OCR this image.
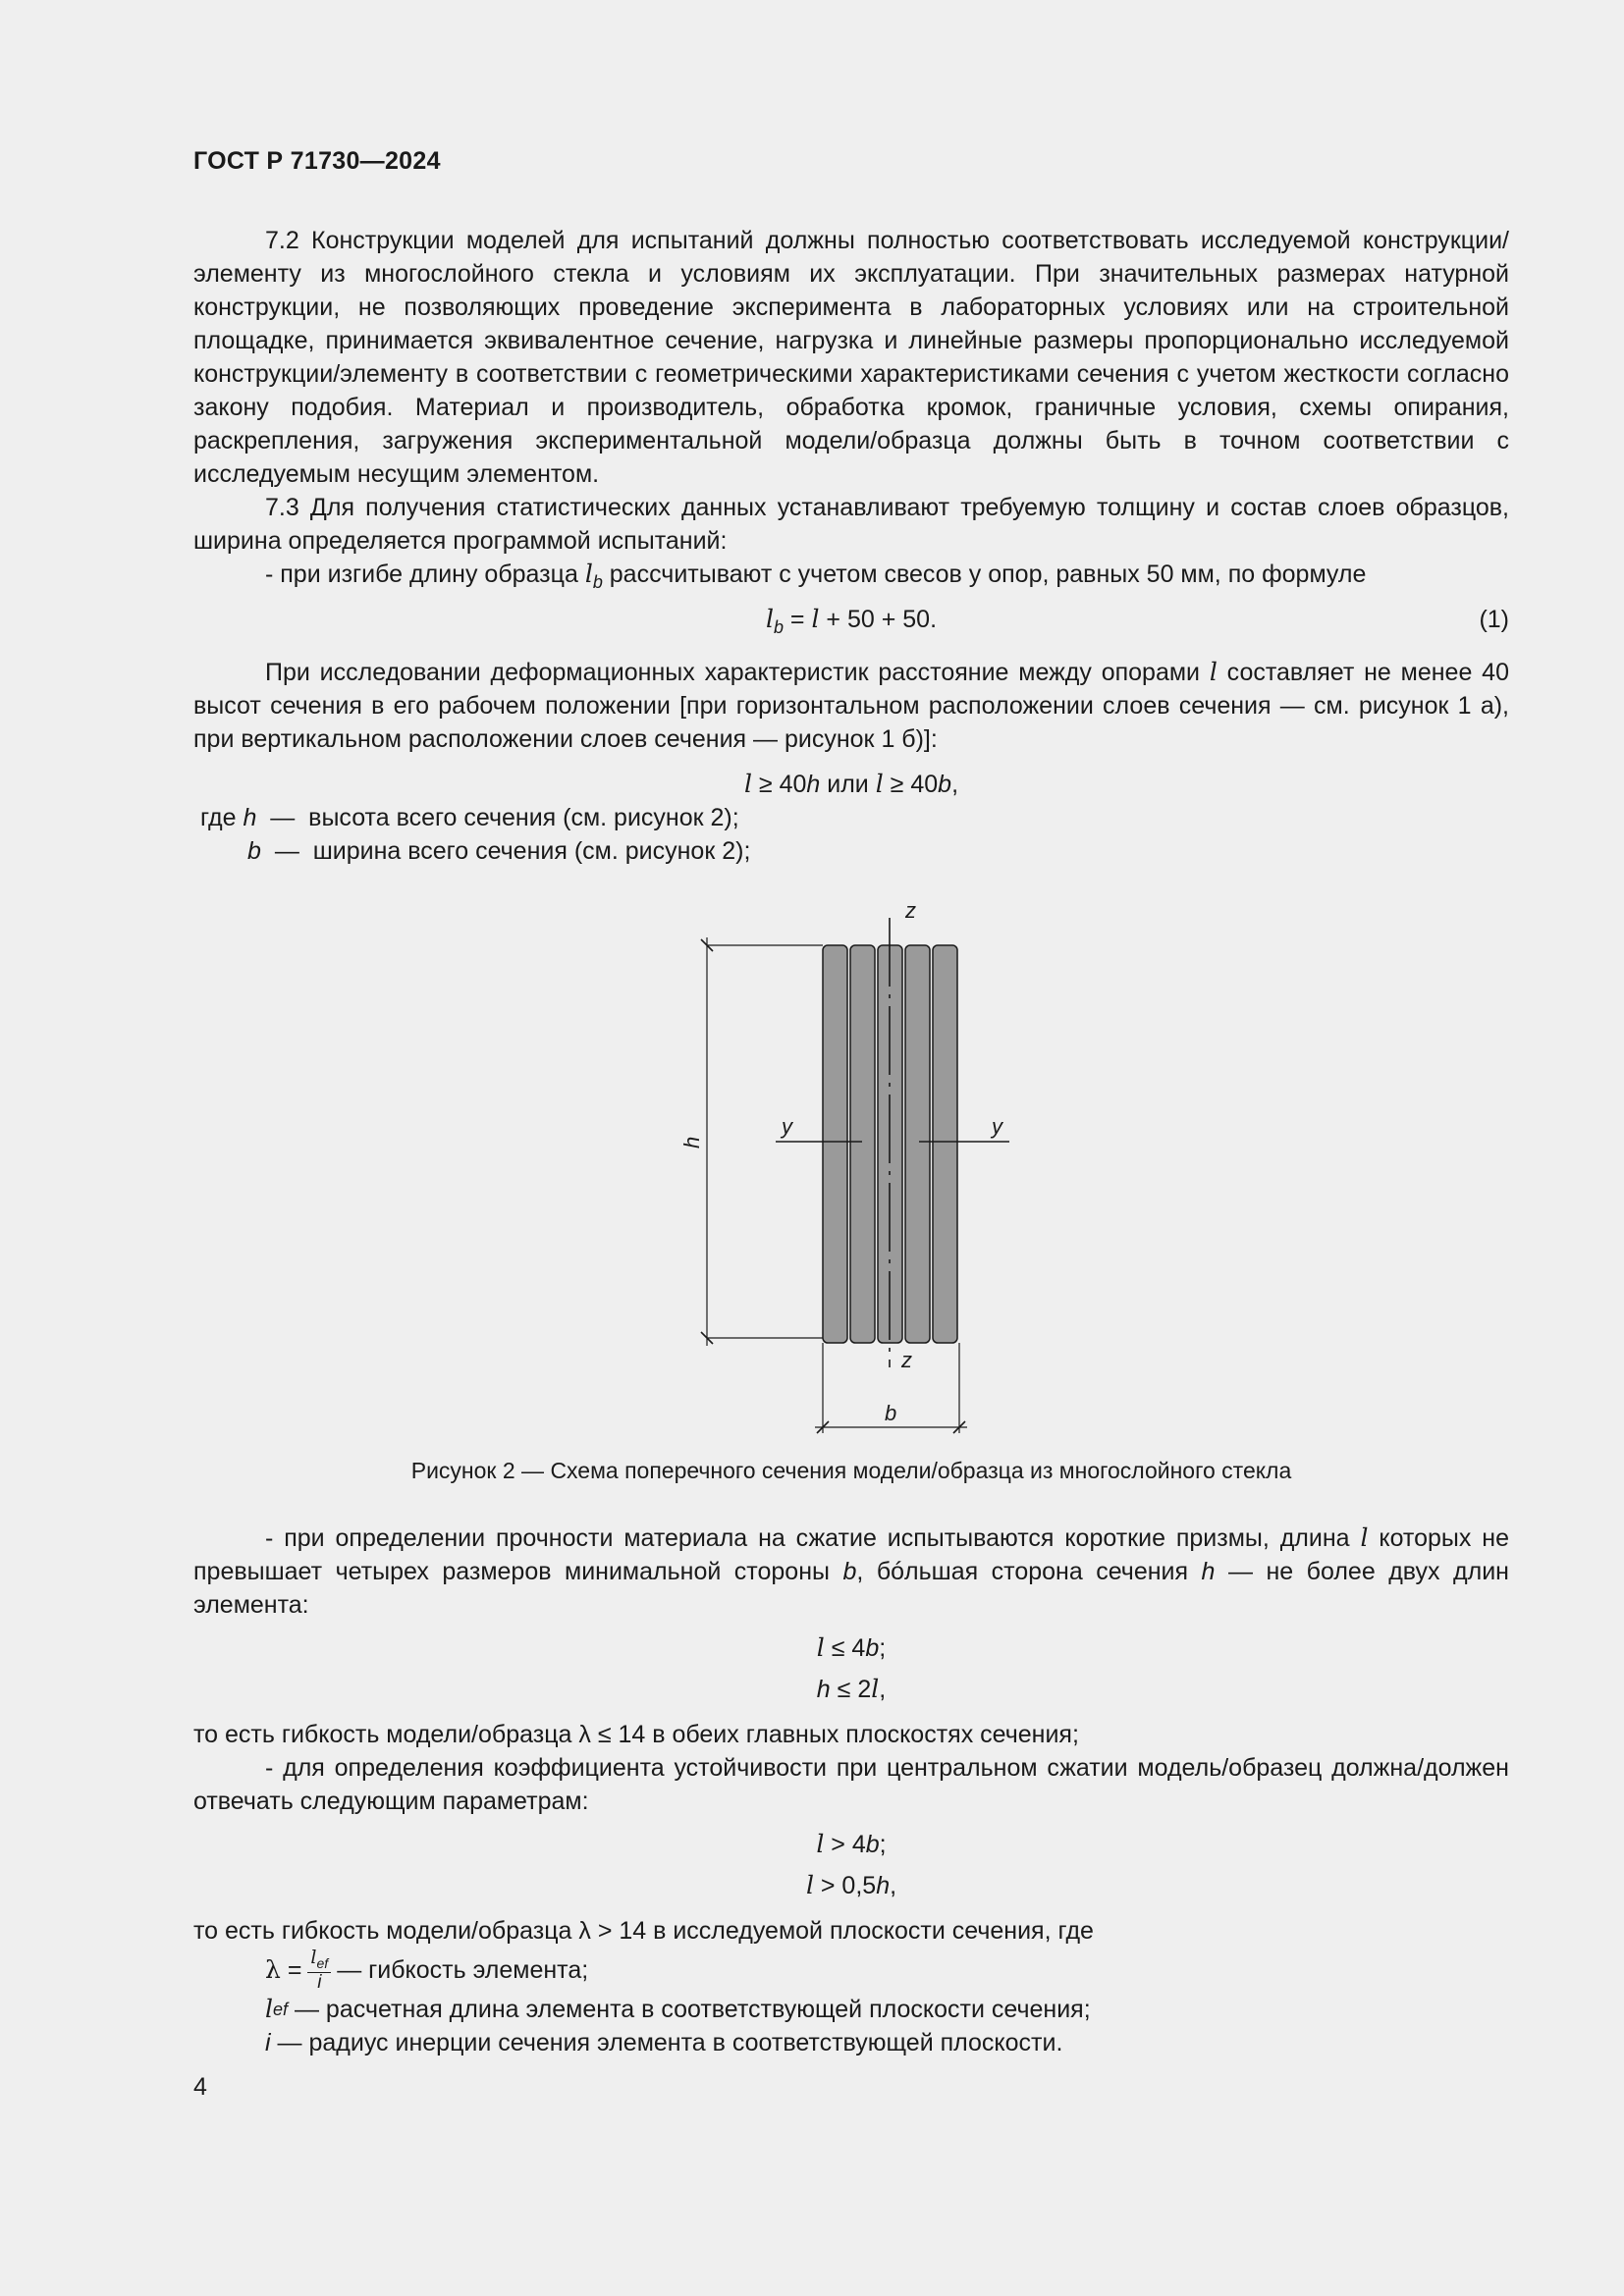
ГОСТ Р 71730—2024

7.2 Конструкции моделей для испытаний должны полностью соответствовать исследуемой конструкции/элементу из многослойного стекла и условиям их эксплуатации. При значительных размерах натурной конструкции, не позволяющих проведение эксперимента в лабораторных условиях или на строительной площадке, принимается эквивалентное сечение, нагрузка и линейные размеры пропорционально исследуемой конструкции/элементу в соответствии с геометрическими характеристиками сечения с учетом жесткости согласно закону подобия. Материал и производитель, обработка кромок, граничные условия, схемы опирания, раскрепления, загружения экспериментальной модели/образца должны быть в точном соответствии с исследуемым несущим элементом.

7.3 Для получения статистических данных устанавливают требуемую толщину и состав слоев образцов, ширина определяется программой испытаний:

- при изгибе длину образца $l_b$ рассчитывают с учетом свесов у опор, равных 50 мм, по формуле

$l_b = l + 50 + 50$.	(1)

При исследовании деформационных характеристик расстояние между опорами l составляет не менее 40 высот сечения в его рабочем положении [при горизонтальном расположении слоев сечения — см. рисунок 1 а), при вертикальном расположении слоев сечения — рисунок 1 б)]:

l ≥ 40h или l ≥ 40b,

где
h
—
высота всего сечения (см. рисунок 2);

b
—
ширина всего сечения (см. рисунок 2);

z
z
y	y
h
b
Рисунок 2 — Схема поперечного сечения модели/образца из многослойного стекла

- при определении прочности материала на сжатие испытываются короткие призмы, длина l которых не превышает четырех размеров минимальной стороны b, бóльшая сторона сечения h — не более двух длин элемента:

l ≤ 4b;

h ≤ 2l,

то есть гибкость модели/образца λ ≤ 14 в обеих главных плоскостях сечения;

- для определения коэффициента устойчивости при центральном сжатии модель/образец должна/должен отвечать следующим параметрам:

l > 4b;

l > 0,5h,

то есть гибкость модели/образца λ > 14 в исследуемой плоскости сечения, где

λ
= $\frac{l_{ef}}{i}$ — гибкость элемента;

l ef
— расчетная длина элемента в соответствующей плоскости сечения;

i
— радиус инерции сечения элемента в соответствующей плоскости.

4
